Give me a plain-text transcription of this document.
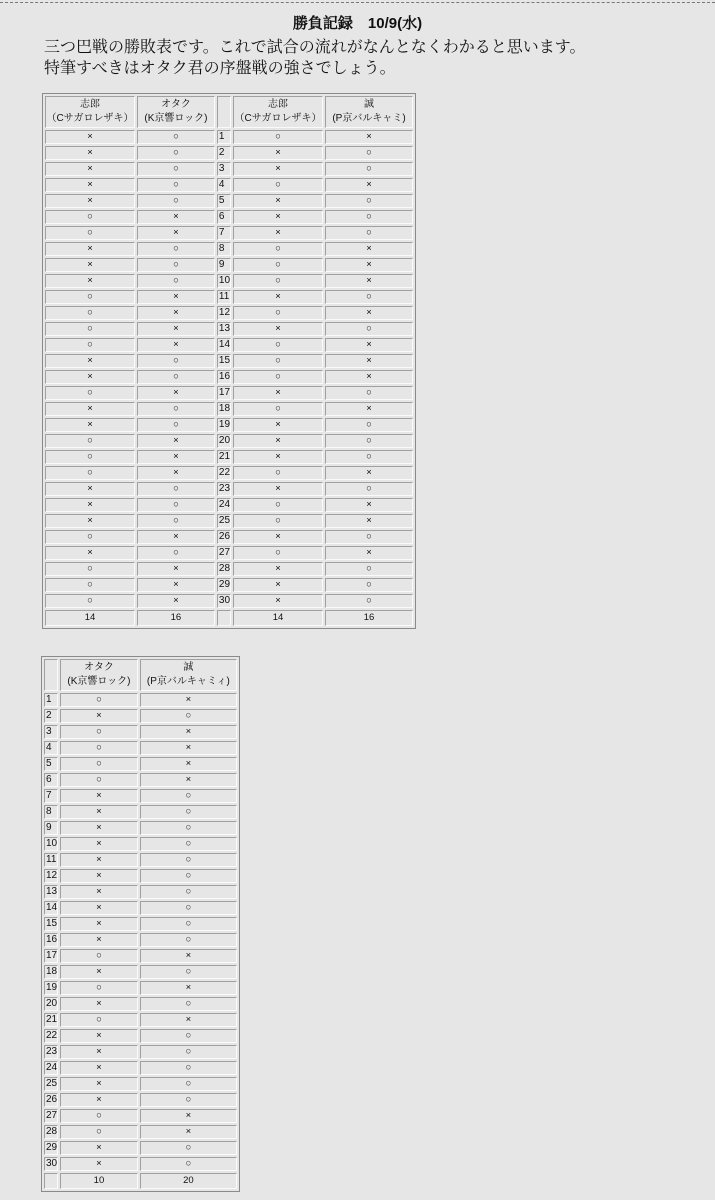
勝負記録　10/9(水)
三つ巴戦の勝敗表です。これで試合の流れがなんとなくわかると思います。
特筆すべきはオタク君の序盤戦の強さでしょう。
志郎
（Cサガロレザキ）	オタク
(K京響ロック)		志郎
（Cサガロレザキ）	誠
(P京バルキャミ)
×	○	1	○	×
×	○	2	×	○
×	○	3	×	○
×	○	4	○	×
×	○	5	×	○
○	×	6	×	○
○	×	7	×	○
×	○	8	○	×
×	○	9	○	×
×	○	10	○	×
○	×	11	×	○
○	×	12	○	×
○	×	13	×	○
○	×	14	○	×
×	○	15	○	×
×	○	16	○	×
○	×	17	×	○
×	○	18	○	×
×	○	19	×	○
○	×	20	×	○
○	×	21	×	○
○	×	22	○	×
×	○	23	×	○
×	○	24	○	×
×	○	25	○	×
○	×	26	×	○
×	○	27	○	×
○	×	28	×	○
○	×	29	×	○
○	×	30	×	○
14	16		14	16
	オタク
(K京響ロック)	誠
(P京バルキャミィ)
1	○	×
2	×	○
3	○	×
4	○	×
5	○	×
6	○	×
7	×	○
8	×	○
9	×	○
10	×	○
11	×	○
12	×	○
13	×	○
14	×	○
15	×	○
16	×	○
17	○	×
18	×	○
19	○	×
20	×	○
21	○	×
22	×	○
23	×	○
24	×	○
25	×	○
26	×	○
27	○	×
28	○	×
29	×	○
30	×	○
	10	20
